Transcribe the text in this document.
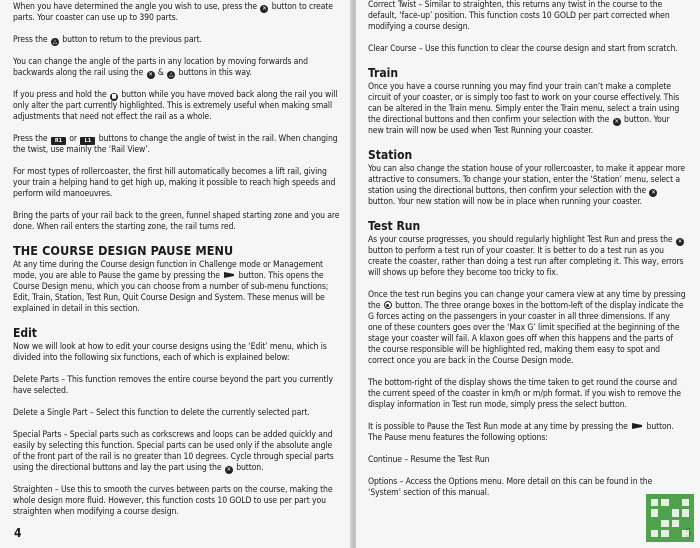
When you have determined the angle you wish to use, press the ✕ button to create parts. Your coaster can use up to 390 parts.

Press the △ button to return to the previous part.

You can change the angle of the parts in any location by moving forwards and backwards along the rail using the ✕ & △ buttons in this way.

If you press and hold the ■ button while you have moved back along the rail you will only alter the part currently highlighted. This is extremely useful when making small adjustments that need not effect the rail as a whole.

Press the R1 or L1 buttons to change the angle of twist in the rail. When changing the twist, use mainly the ‘Rail View’.

For most types of rollercoaster, the first hill automatically becomes a lift rail, giving your train a helping hand to get high up, making it possible to reach high speeds and perform wild manoeuvres.

Bring the parts of your rail back to the green, funnel shaped starting zone and you are done. When rail enters the starting zone, the rail turns red.

THE COURSE DESIGN PAUSE MENU

At any time during the Course design function in Challenge mode or Management mode, you are able to Pause the game by pressing the  button. This opens the Course Design menu, which you can choose from a number of sub-menu functions; Edit, Train, Station, Test Run, Quit Course Design and System. These menus will be explained in detail in this section.

Edit

Now we will look at how to edit your course designs using the ‘Edit’ menu, which is divided into the following six functions, each of which is explained below:

Delete Parts – This function removes the entire course beyond the part you currently have selected.

Delete a Single Part – Select this function to delete the currently selected part.

Special Parts – Special parts such as corkscrews and loops can be added quickly and easily by selecting this function. Special parts can be used only if the absolute angle of the front part of the rail is no greater than 10 degrees. Cycle through special parts using the directional buttons and lay the part using the ✕ button.

Straighten – Use this to smooth the curves between parts on the course, making the whole design more fluid. However, this function costs 10 GOLD to use per part you straighten when modifying a course design.

4

Correct Twist – Similar to straighten, this returns any twist in the course to the default, ‘face-up’ position. This function costs 10 GOLD per part corrected when modifying a course design.

Clear Course – Use this function to clear the course design and start from scratch.

Train

Once you have a course running you may find your train can’t make a complete circuit of your coaster, or is simply too fast to work on your course effectively. This can be altered in the Train menu. Simply enter the Train menu, select a train using the directional buttons and then confirm your selection with the ✕ button. Your new train will now be used when Test Running your coaster.

Station

You can also change the station house of your rollercoaster, to make it appear more attractive to consumers. To change your station, enter the ‘Station’ menu, select a station using the directional buttons, then confirm your selection with the ✕ button. Your new station will now be in place when running your coaster.

Test Run

As your course progresses, you should regularly highlight Test Run and press the ✕ button to perform a test run of your coaster. It is better to do a test run as you create the coaster, rather than doing a test run after completing it. This way, errors will shows up before they become too tricky to fix.

Once the test run begins you can change your camera view at any time by pressing the  button. The three orange boxes in the bottom-left of the display indicate the G forces acting on the passengers in your coaster in all three dimensions. If any one of these counters goes over the ‘Max G’ limit specified at the beginning of the stage your coaster will fail. A klaxon goes off when this happens and the parts of the course responsible will be highlighted red, making them easy to spot and correct once you are back in the Course Design mode.

The bottom-right of the display shows the time taken to get round the course and the current speed of the coaster in km/h or m/ph format. If you wish to remove the display information in Test run mode, simply press the select button.

It is possible to Pause the Test Run mode at any time by pressing the  button. The Pause menu features the following options:

Continue – Resume the Test Run

Options – Access the Options menu. More detail on this can be found in the ‘System’ section of this manual.
